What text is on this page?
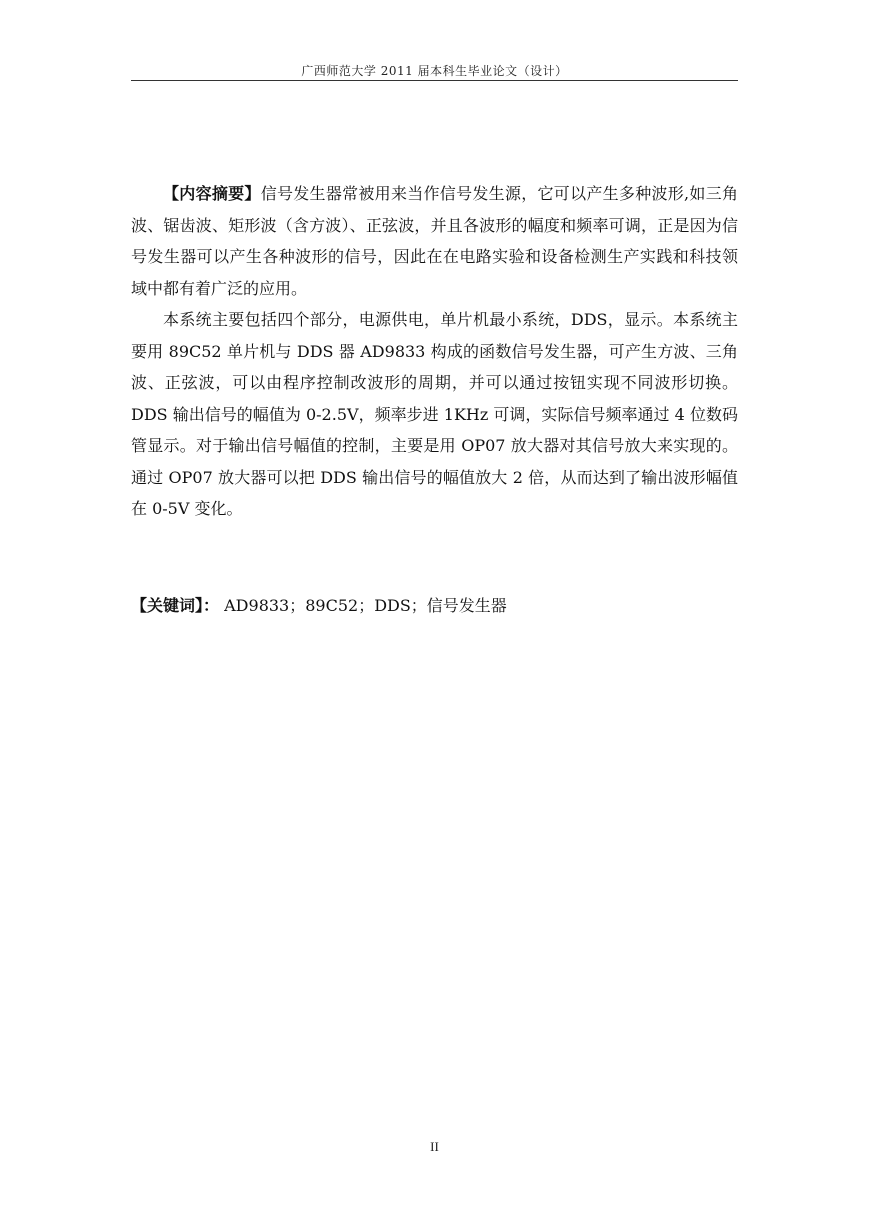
广西师范大学 2011 届本科生毕业论文（设计）

【内容摘要】信号发生器常被用来当作信号发生源，它可以产生多种波形,如三角波、锯齿波、矩形波（含方波）、正弦波，并且各波形的幅度和频率可调，正是因为信号发生器可以产生各种波形的信号，因此在在电路实验和设备检测生产实践和科技领域中都有着广泛的应用。

本系统主要包括四个部分，电源供电，单片机最小系统，DDS，显示。本系统主要用 89C52 单片机与 DDS 器 AD9833 构成的函数信号发生器，可产生方波、三角波、正弦波，可以由程序控制改波形的周期，并可以通过按钮实现不同波形切换。DDS 输出信号的幅值为 0-2.5V，频率步进 1KHz 可调，实际信号频率通过 4 位数码管显示。对于输出信号幅值的控制，主要是用 OP07 放大器对其信号放大来实现的。通过 OP07 放大器可以把 DDS 输出信号的幅值放大 2 倍，从而达到了输出波形幅值在 0-5V 变化。

【关键词】： AD9833；89C52；DDS；信号发生器
II
